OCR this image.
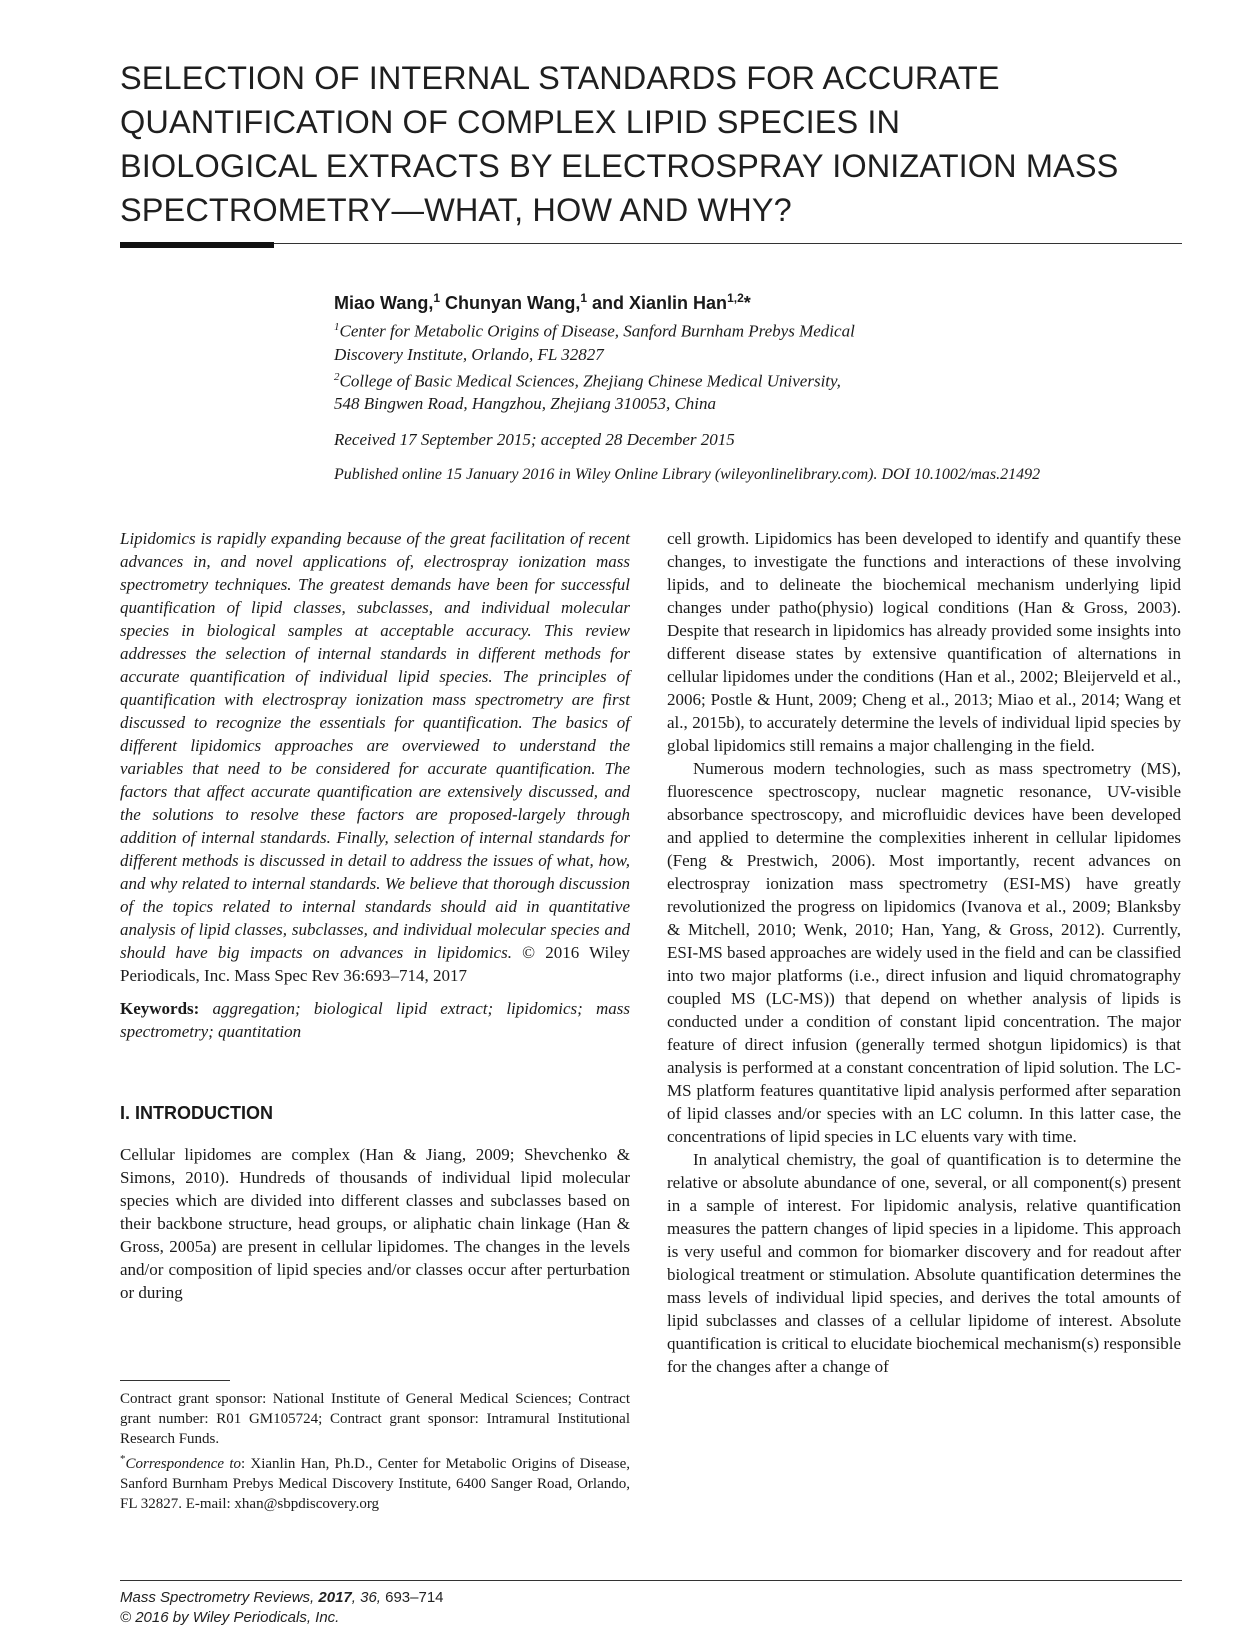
SELECTION OF INTERNAL STANDARDS FOR ACCURATE
QUANTIFICATION OF COMPLEX LIPID SPECIES IN
BIOLOGICAL EXTRACTS BY ELECTROSPRAY IONIZATION MASS
SPECTROMETRY—WHAT, HOW AND WHY?

Miao Wang,$^1$ Chunyan Wang,$^1$ and Xianlin Han$^{1,2}$*

$^1$Center for Metabolic Origins of Disease, Sanford Burnham Prebys Medical
Discovery Institute, Orlando, FL 32827

$^2$College of Basic Medical Sciences, Zhejiang Chinese Medical University,
548 Bingwen Road, Hangzhou, Zhejiang 310053, China

Received 17 September 2015; accepted 28 December 2015

Published online 15 January 2016 in Wiley Online Library (wileyonlinelibrary.com). DOI 10.1002/mas.21492

Lipidomics is rapidly expanding because of the great facilitation of recent advances in, and novel applications of, electrospray ionization mass spectrometry techniques. The greatest demands have been for successful quantification of lipid classes, subclasses, and individual molecular species in biological samples at acceptable accuracy. This review addresses the selection of internal standards in different methods for accurate quantification of individual lipid species. The principles of quantification with electrospray ionization mass spectrometry are first discussed to recognize the essentials for quantification. The basics of different lipidomics approaches are overviewed to understand the variables that need to be considered for accurate quantification. The factors that affect accurate quantification are extensively discussed, and the solutions to resolve these factors are proposed-largely through addition of internal standards. Finally, selection of internal standards for different methods is discussed in detail to address the issues of what, how, and why related to internal standards. We believe that thorough discussion of the topics related to internal standards should aid in quantitative analysis of lipid classes, subclasses, and individual molecular species and should have big impacts on advances in lipidomics. © 2016 Wiley Periodicals, Inc. Mass Spec Rev 36:693–714, 2017

Keywords: aggregation; biological lipid extract; lipidomics; mass spectrometry; quantitation

I. INTRODUCTION

Cellular lipidomes are complex (Han & Jiang, 2009; Shevchenko & Simons, 2010). Hundreds of thousands of individual lipid molecular species which are divided into different classes and subclasses based on their backbone structure, head groups, or aliphatic chain linkage (Han & Gross, 2005a) are present in cellular lipidomes. The changes in the levels and/or composition of lipid species and/or classes occur after perturbation or during

Contract grant sponsor: National Institute of General Medical Sciences; Contract grant number: R01 GM105724; Contract grant sponsor: Intramural Institutional Research Funds.

*Correspondence to: Xianlin Han, Ph.D., Center for Metabolic Origins of Disease, Sanford Burnham Prebys Medical Discovery Institute, 6400 Sanger Road, Orlando, FL 32827. E-mail: xhan@sbpdiscovery.org

cell growth. Lipidomics has been developed to identify and quantify these changes, to investigate the functions and interactions of these involving lipids, and to delineate the biochemical mechanism underlying lipid changes under patho(physio) logical conditions (Han & Gross, 2003). Despite that research in lipidomics has already provided some insights into different disease states by extensive quantification of alternations in cellular lipidomes under the conditions (Han et al., 2002; Bleijerveld et al., 2006; Postle & Hunt, 2009; Cheng et al., 2013; Miao et al., 2014; Wang et al., 2015b), to accurately determine the levels of individual lipid species by global lipidomics still remains a major challenging in the field.

Numerous modern technologies, such as mass spectrometry (MS), fluorescence spectroscopy, nuclear magnetic resonance, UV-visible absorbance spectroscopy, and microfluidic devices have been developed and applied to determine the complexities inherent in cellular lipidomes (Feng & Prestwich, 2006). Most importantly, recent advances on electrospray ionization mass spectrometry (ESI-MS) have greatly revolutionized the progress on lipidomics (Ivanova et al., 2009; Blanksby & Mitchell, 2010; Wenk, 2010; Han, Yang, & Gross, 2012). Currently, ESI-MS based approaches are widely used in the field and can be classified into two major platforms (i.e., direct infusion and liquid chromatography coupled MS (LC-MS)) that depend on whether analysis of lipids is conducted under a condition of constant lipid concentration. The major feature of direct infusion (generally termed shotgun lipidomics) is that analysis is performed at a constant concentration of lipid solution. The LC-MS platform features quantitative lipid analysis performed after separation of lipid classes and/or species with an LC column. In this latter case, the concentrations of lipid species in LC eluents vary with time.

In analytical chemistry, the goal of quantification is to determine the relative or absolute abundance of one, several, or all component(s) present in a sample of interest. For lipidomic analysis, relative quantification measures the pattern changes of lipid species in a lipidome. This approach is very useful and common for biomarker discovery and for readout after biological treatment or stimulation. Absolute quantification determines the mass levels of individual lipid species, and derives the total amounts of lipid subclasses and classes of a cellular lipidome of interest. Absolute quantification is critical to elucidate biochemical mechanism(s) responsible for the changes after a change of

Mass Spectrometry Reviews, 2017, 36, 693–714

© 2016 by Wiley Periodicals, Inc.
